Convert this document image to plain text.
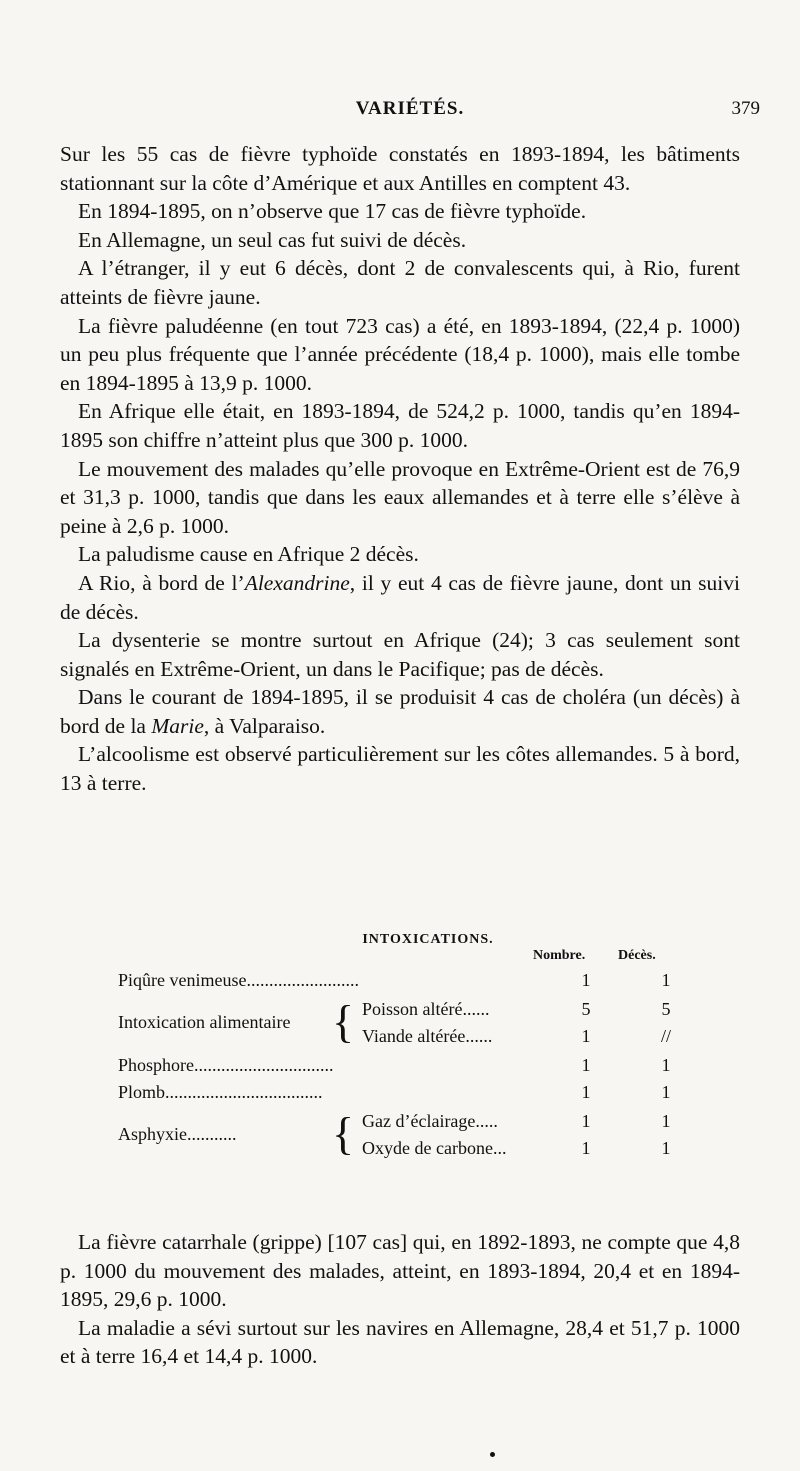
VARIÉTÉS.	379

Sur les 55 cas de fièvre typhoïde constatés en 1893-1894, les bâtiments stationnant sur la côte d’Amérique et aux Antilles en comptent 43.

En 1894-1895, on n’observe que 17 cas de fièvre typhoïde.

En Allemagne, un seul cas fut suivi de décès.

A l’étranger, il y eut 6 décès, dont 2 de convalescents qui, à Rio, furent atteints de fièvre jaune.

La fièvre paludéenne (en tout 723 cas) a été, en 1893-1894, (22,4 p. 1000) un peu plus fréquente que l’année précédente (18,4 p. 1000), mais elle tombe en 1894-1895 à 13,9 p. 1000.

En Afrique elle était, en 1893-1894, de 524,2 p. 1000, tandis qu’en 1894-1895 son chiffre n’atteint plus que 300 p. 1000.

Le mouvement des malades qu’elle provoque en Extrême-Orient est de 76,9 et 31,3 p. 1000, tandis que dans les eaux allemandes et à terre elle s’élève à peine à 2,6 p. 1000.

La paludisme cause en Afrique 2 décès.

A Rio, à bord de l’Alexandrine, il y eut 4 cas de fièvre jaune, dont un suivi de décès.

La dysenterie se montre surtout en Afrique (24); 3 cas seulement sont signalés en Extrême-Orient, un dans le Pacifique; pas de décès.

Dans le courant de 1894-1895, il se produisit 4 cas de choléra (un décès) à bord de la Marie, à Valparaiso.

L’alcoolisme est observé particulièrement sur les côtes allemandes. 5 à bord, 13 à terre.

INTOXICATIONS.
Nombre. Décès.
Piqûre venimeuse.........................	1	1
Intoxication alimentaire { Poisson altéré......	5	5
Viande altérée......	1	//
Phosphore...............................	1	1
Plomb...................................	1	1
Asphyxie........... { Gaz d’éclairage.....	1	1
Oxyde de carbone...	1	1

La fièvre catarrhale (grippe) [107 cas] qui, en 1892-1893, ne compte que 4,8 p. 1000 du mouvement des malades, atteint, en 1893-1894, 20,4 et en 1894-1895, 29,6 p. 1000.

La maladie a sévi surtout sur les navires en Allemagne, 28,4 et 51,7 p. 1000 et à terre 16,4 et 14,4 p. 1000.
